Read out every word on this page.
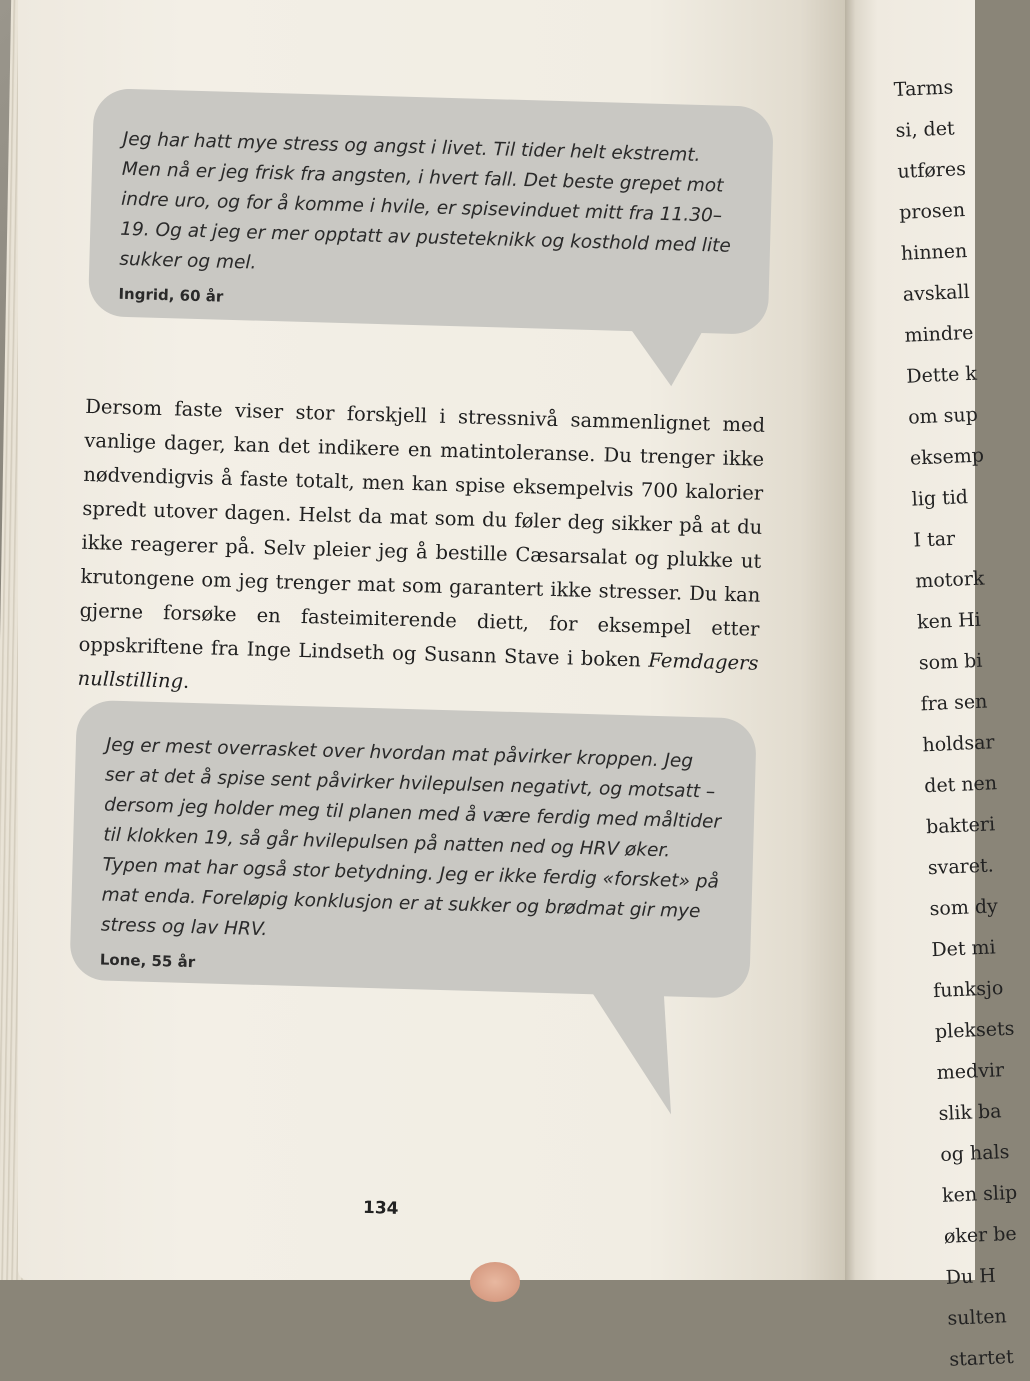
Jeg har hatt mye stress og angst i livet. Til tider helt ekstremt. Men nå er jeg frisk fra angsten, i hvert fall. Det beste grepet mot indre uro, og for å komme i hvile, er spisevinduet mitt fra 11.30–19. Og at jeg er mer opptatt av pusteteknikk og kosthold med lite sukker og mel.

Ingrid, 60 år

Dersom faste viser stor forskjell i stressnivå sammenlignet med vanlige dager, kan det indikere en matintoleranse. Du trenger ikke nødvendigvis å faste totalt, men kan spise eksempelvis 700 kalorier spredt utover dagen. Helst da mat som du føler deg sikker på at du ikke reagerer på. Selv pleier jeg å bestille Cæsarsalat og plukke ut krutongene om jeg trenger mat som garantert ikke stresser. Du kan gjerne forsøke en fasteimiterende diett, for eksempel etter oppskriftene fra Inge Lindseth og Susann Stave i boken Femdagers nullstilling.

Jeg er mest overrasket over hvordan mat påvirker kroppen. Jeg ser at det å spise sent påvirker hvilepulsen negativt, og motsatt – dersom jeg holder meg til planen med å være ferdig med måltider til klokken 19, så går hvilepulsen på natten ned og HRV øker. Typen mat har også stor betydning. Jeg er ikke ferdig «forsket» på mat enda. Foreløpig konklusjon er at sukker og brødmat gir mye stress og lav HRV.

Lone, 55 år

134
Tarms
si, det
utføres
prosen
hinnen
avskall
mindre
Dette k
om sup
eksemp
lig tid
I tar
motork
ken Hi
som bi
fra sen
holdsar
det nen
bakteri
svaret.
som dy
Det mi
funksjo
pleksets
medvir
slik ba
og hals
ken slip
øker be
Du H
sulten
startet
